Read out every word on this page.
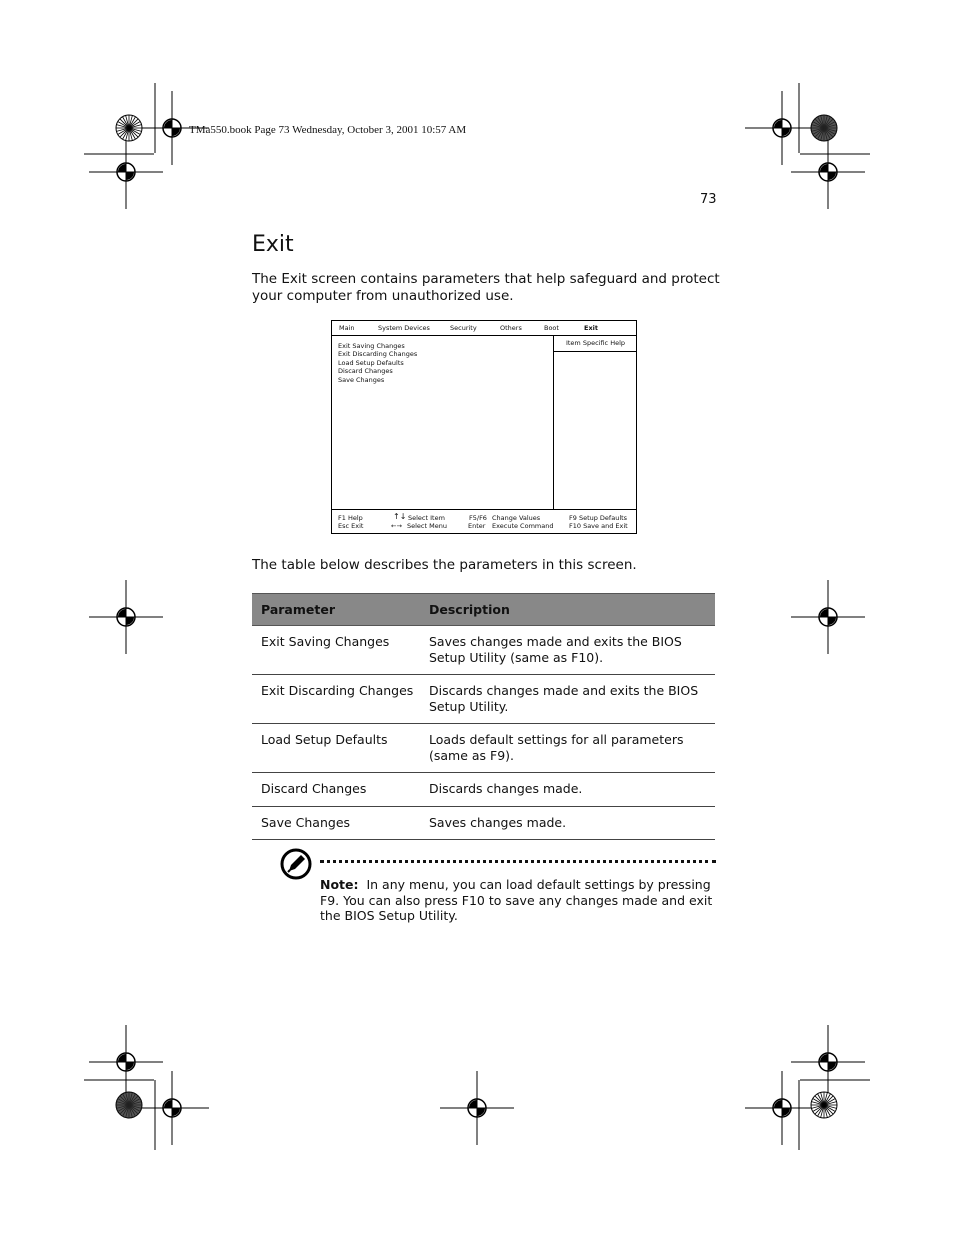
TMa550.book Page 73 Wednesday, October 3, 2001 10:57 AM
73
Exit

The Exit screen contains parameters that help safeguard and protect your computer from unauthorized use.

Main	System Devices	Security	Others	Boot	Exit
Exit Saving Changes
Exit Discarding Changes
Load Setup Defaults
Discard Changes
Save Changes
Item Specific Help
F1 Help
Esc Exit
↑↓ Select Item
←→ Select Menu
F5/F6 Change Values
Enter Execute Command
F9 Setup Defaults
F10 Save and Exit

The table below describes the parameters in this screen.

Parameter	Description
Exit Saving Changes	Saves changes made and exits the BIOS Setup Utility (same as F10).
Exit Discarding Changes	Discards changes made and exits the BIOS Setup Utility.
Load Setup Defaults	Loads default settings for all parameters (same as F9).
Discard Changes	Discards changes made.
Save Changes	Saves changes made.

Note: In any menu, you can load default settings by pressing F9. You can also press F10 to save any changes made and exit the BIOS Setup Utility.
